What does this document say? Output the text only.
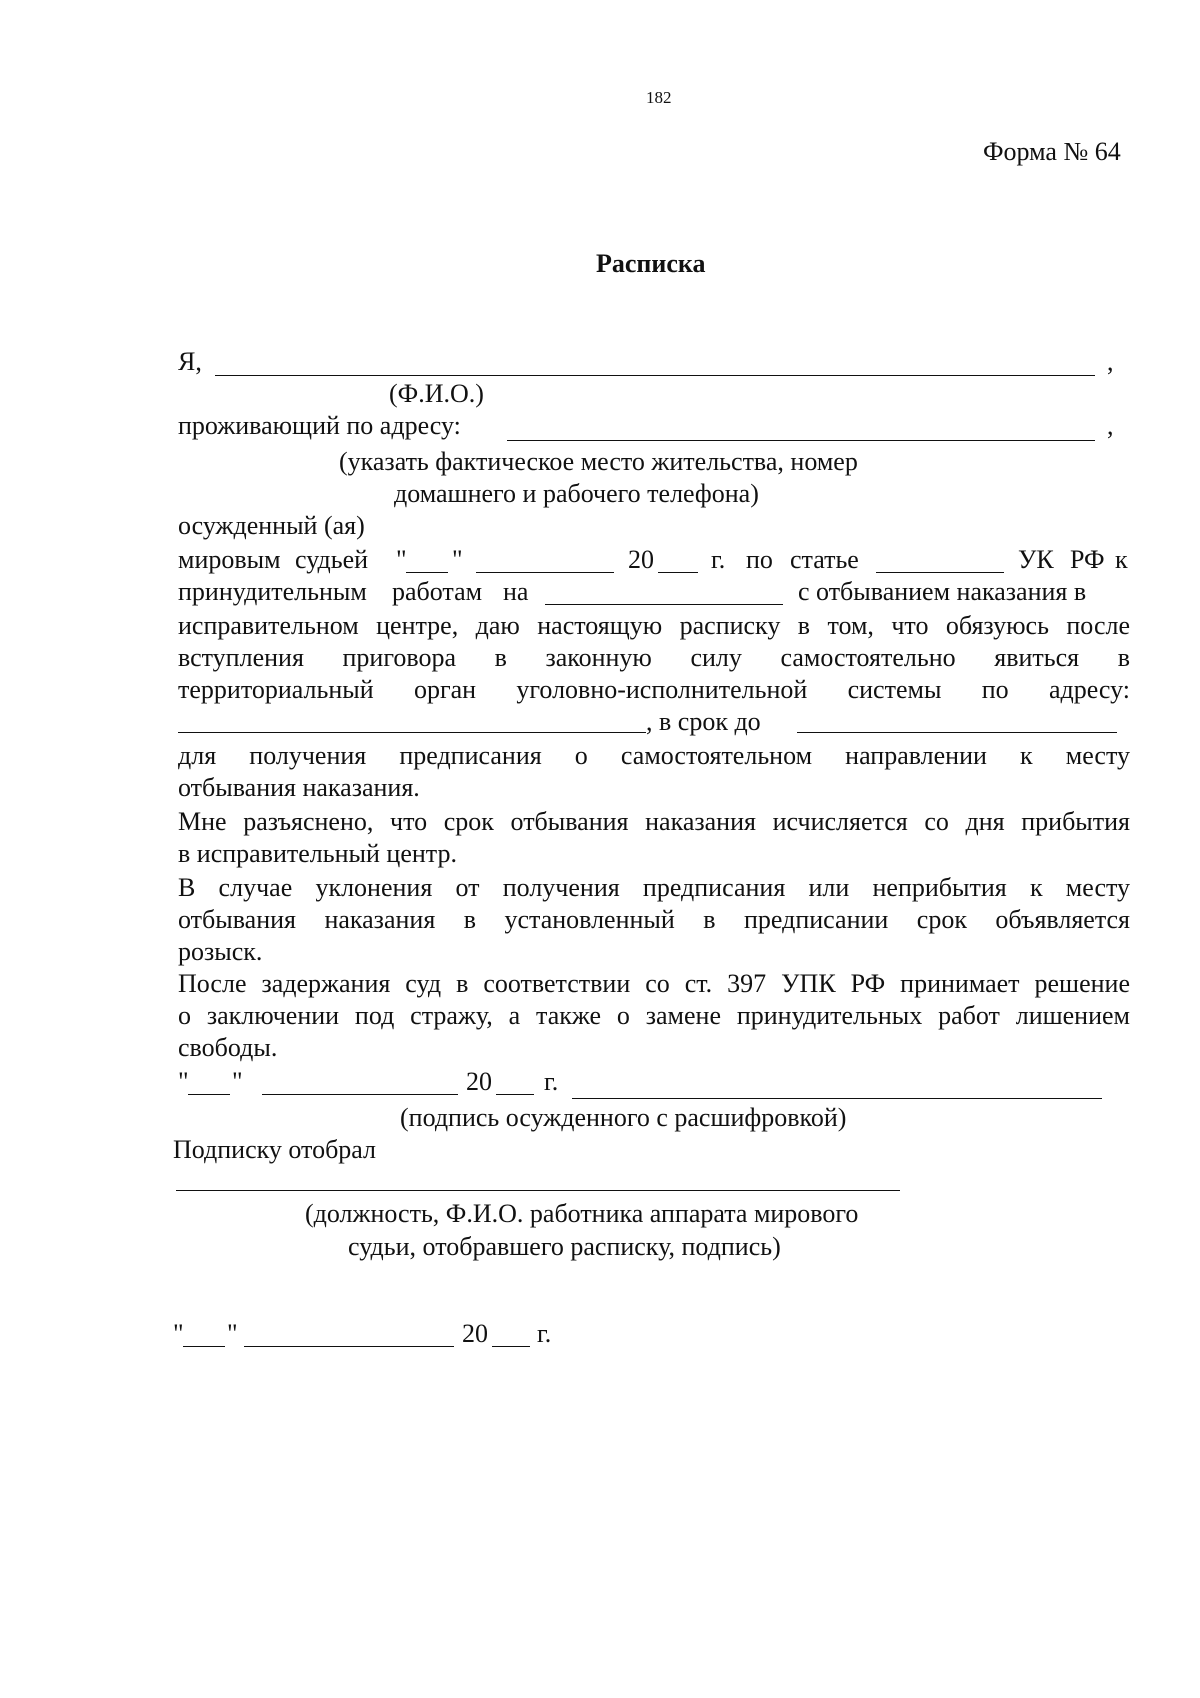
182
Форма № 64
Расписка
Я,	,
(Ф.И.О.)
проживающий по адресу:	,
(указать фактическое место жительства, номер
домашнего и рабочего телефона)
осужденный (ая)
мировым судьей " "	20 г. по статье	УК РФ к
принудительным работам на	с отбыванием наказания в
исправительном центре, даю настоящую расписку в том, что обязуюсь после
вступления приговора в законную силу самостоятельно явиться в
территориальный орган уголовно-исполнительной системы по адресу:
, в срок до
для получения предписания о самостоятельном направлении к месту
отбывания наказания.
Мне разъяснено, что срок отбывания наказания исчисляется со дня прибытия
в исправительный центр.
В случае уклонения от получения предписания или неприбытия к месту
отбывания наказания в установленный в предписании срок объявляется
розыск.
После задержания суд в соответствии со ст. 397 УПК РФ принимает решение
о заключении под стражу, а также о замене принудительных работ лишением
свободы.
" "	20 г.
(подпись осужденного с расшифровкой)
Подписку отобрал
(должность, Ф.И.О. работника аппарата мирового
судьи, отобравшего расписку, подпись)
" "	20 г.
